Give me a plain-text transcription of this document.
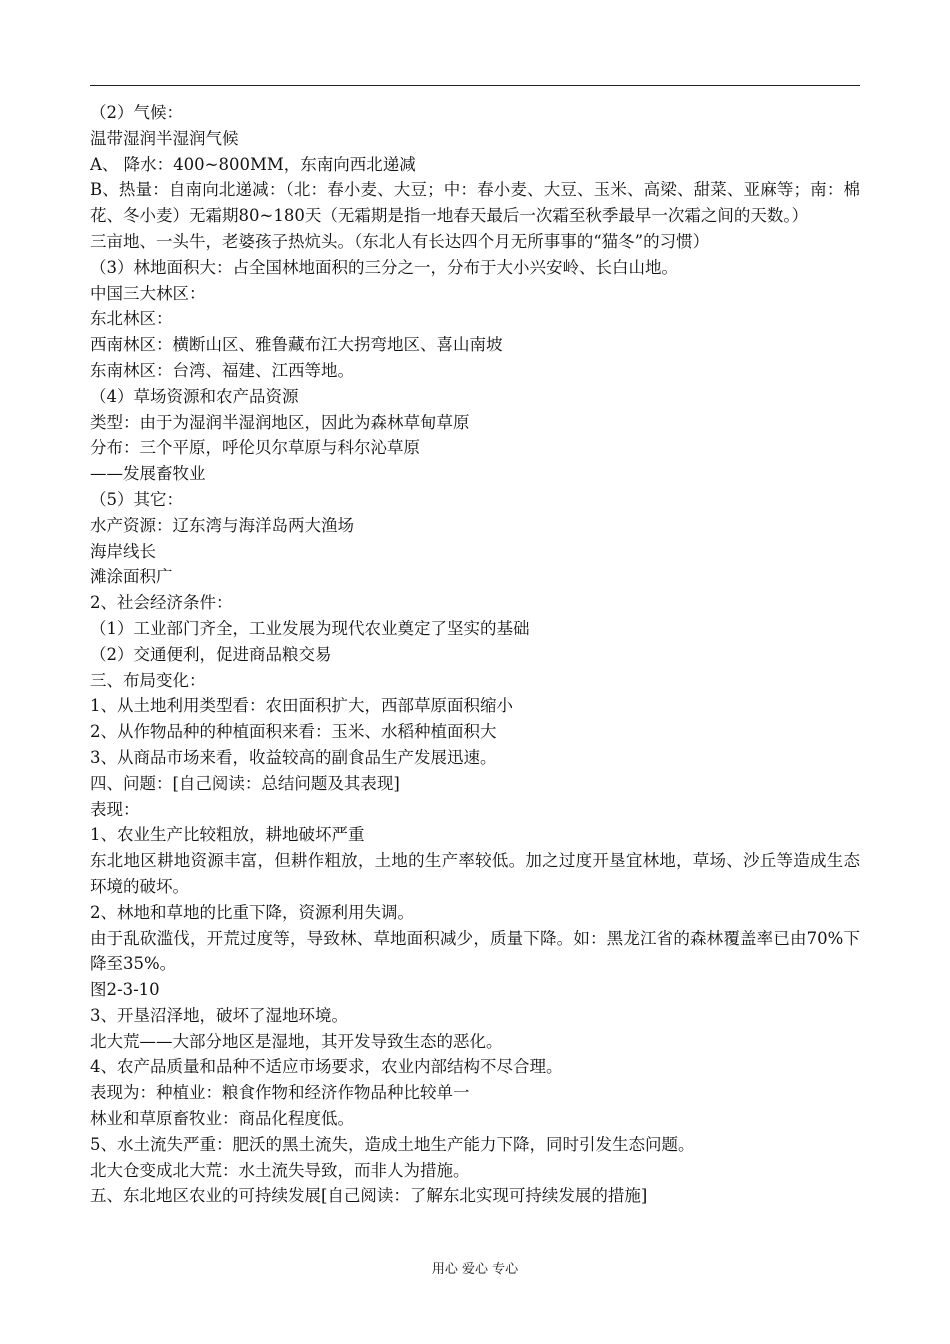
（2）气候：
温带湿润半湿润气候
A、 降水：400~800MM，东南向西北递减
B、热量：自南向北递减：（北：春小麦、大豆；中：春小麦、大豆、玉米、高梁、甜菜、亚麻等；南：棉花、冬小麦）无霜期80~180天（无霜期是指一地春天最后一次霜至秋季最早一次霜之间的天数。）
三亩地、一头牛，老婆孩子热炕头。（东北人有长达四个月无所事事的“猫冬”的习惯）
（3）林地面积大：占全国林地面积的三分之一，分布于大小兴安岭、长白山地。
中国三大林区：
东北林区：
西南林区：横断山区、雅鲁藏布江大拐弯地区、喜山南坡
东南林区：台湾、福建、江西等地。
（4）草场资源和农产品资源
类型：由于为湿润半湿润地区，因此为森林草甸草原
分布：三个平原，呼伦贝尔草原与科尔沁草原
——发展畜牧业
（5）其它：
水产资源：辽东湾与海洋岛两大渔场
海岸线长
滩涂面积广
2、社会经济条件：
（1）工业部门齐全，工业发展为现代农业奠定了坚实的基础
（2）交通便利，促进商品粮交易
三、布局变化：
1、从土地利用类型看：农田面积扩大，西部草原面积缩小
2、从作物品种的种植面积来看：玉米、水稻种植面积大
3、从商品市场来看，收益较高的副食品生产发展迅速。
四、问题：[自己阅读：总结问题及其表现]
表现：
1、农业生产比较粗放，耕地破坏严重
东北地区耕地资源丰富，但耕作粗放，土地的生产率较低。加之过度开垦宜林地，草场、沙丘等造成生态环境的破坏。
2、林地和草地的比重下降，资源利用失调。
由于乱砍滥伐，开荒过度等，导致林、草地面积减少，质量下降。如：黑龙江省的森林覆盖率已由70%下降至35%。
图2-3-10
3、开垦沼泽地，破坏了湿地环境。
北大荒——大部分地区是湿地，其开发导致生态的恶化。
4、农产品质量和品种不适应市场要求，农业内部结构不尽合理。
表现为：种植业：粮食作物和经济作物品种比较单一
林业和草原畜牧业：商品化程度低。
5、水土流失严重：肥沃的黑土流失，造成土地生产能力下降，同时引发生态问题。
北大仓变成北大荒：水土流失导致，而非人为措施。
五、东北地区农业的可持续发展[自己阅读：了解东北实现可持续发展的措施]
用心 爱心 专心
